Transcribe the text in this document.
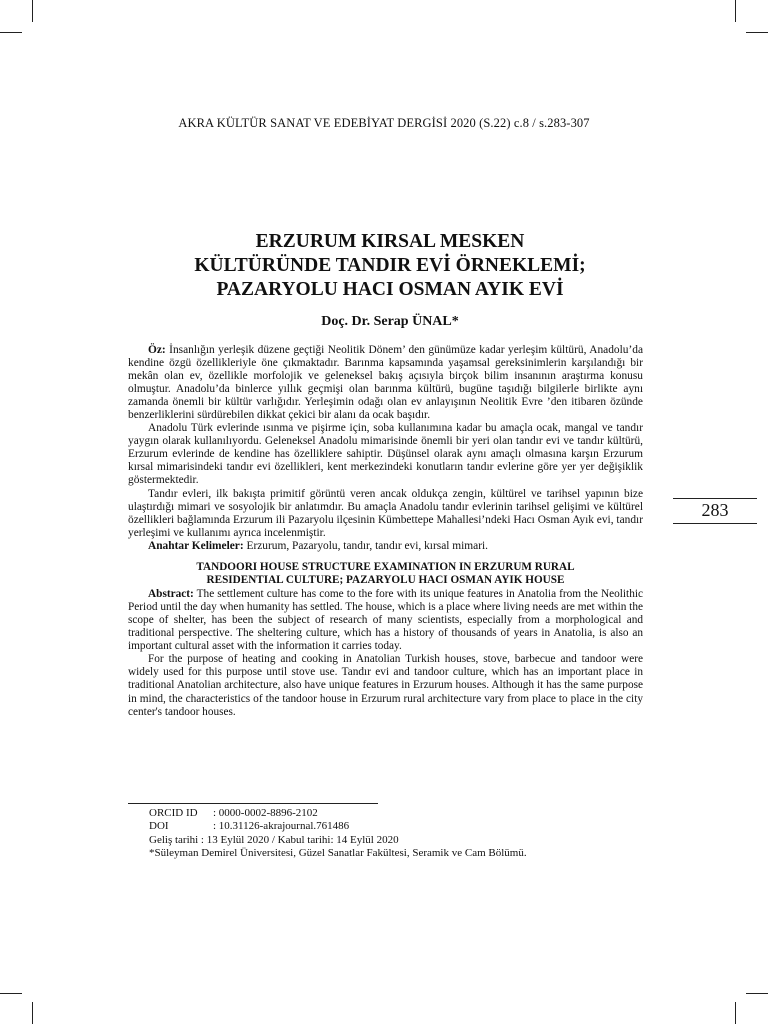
AKRA KÜLTÜR SANAT VE EDEBİYAT DERGİSİ 2020 (S.22) c.8 / s.283-307
ERZURUM KIRSAL MESKEN
KÜLTÜRÜNDE TANDIR EVİ ÖRNEKLEMİ;
PAZARYOLU HACI OSMAN AYIK EVİ
Doç. Dr. Serap ÜNAL*
283

Öz: İnsanlığın yerleşik düzene geçtiği Neolitik Dönem’ den günümüze kadar yerleşim kültürü, Anadolu’da kendine özgü özellikleriyle öne çıkmaktadır. Barınma kapsamında yaşamsal gereksinimlerin karşılandığı bir mekân olan ev, özellikle morfolojik ve geleneksel bakış açısıyla birçok bilim insanının araştırma konusu olmuştur. Anadolu’da binlerce yıllık geçmişi olan barınma kültürü, bugüne taşıdığı bilgilerle birlikte aynı zamanda önemli bir kültür varlığıdır. Yerleşimin odağı olan ev anlayışının Neolitik Evre ’den itibaren özünde benzerliklerini sürdürebilen dikkat çekici bir alanı da ocak başıdır.

Anadolu Türk evlerinde ısınma ve pişirme için, soba kullanımına kadar bu amaçla ocak, mangal ve tandır yaygın olarak kullanılıyordu. Geleneksel Anadolu mimarisinde önemli bir yeri olan tandır evi ve tandır kültürü, Erzurum evlerinde de kendine has özelliklere sahiptir. Düşünsel olarak aynı amaçlı olmasına karşın Erzurum kırsal mimarisindeki tandır evi özellikleri, kent merkezindeki konutların tandır evlerine göre yer yer değişiklik göstermektedir.

Tandır evleri, ilk bakışta primitif görüntü veren ancak oldukça zengin, kültürel ve tarihsel yapının bize ulaştırdığı mimari ve sosyolojik bir anlatımdır. Bu amaçla Anadolu tandır evlerinin tarihsel gelişimi ve kültürel özellikleri bağlamında Erzurum ili Pazaryolu ilçesinin Kümbettepe Mahallesi’ndeki Hacı Osman Ayık evi, tandır yerleşimi ve kullanımı ayrıca incelenmiştir.

Anahtar Kelimeler: Erzurum, Pazaryolu, tandır, tandır evi, kırsal mimari.

TANDOORI HOUSE STRUCTURE EXAMINATION IN ERZURUM RURAL
RESIDENTIAL CULTURE; PAZARYOLU HACI OSMAN AYIK HOUSE

Abstract: The settlement culture has come to the fore with its unique features in Anatolia from the Neolithic Period until the day when humanity has settled. The house, which is a place where living needs are met within the scope of shelter, has been the subject of research of many scientists, especially from a morphological and traditional perspective. The sheltering culture, which has a history of thousands of years in Anatolia, is also an important cultural asset with the information it carries today.

For the purpose of heating and cooking in Anatolian Turkish houses, stove, barbecue and tandoor were widely used for this purpose until stove use. Tandır evi and tandoor culture, which has an important place in traditional Anatolian architecture, also have unique features in Erzurum houses. Although it has the same purpose in mind, the characteristics of the tandoor house in Erzurum rural architecture vary from place to place in the city center's tandoor houses.

ORCID ID : 0000-0002-8896-2102
DOI	: 10.31126-akrajournal.761486
Geliş tarihi : 13 Eylül 2020 / Kabul tarihi: 14 Eylül 2020
*Süleyman Demirel Üniversitesi, Güzel Sanatlar Fakültesi, Seramik ve Cam Bölümü.
